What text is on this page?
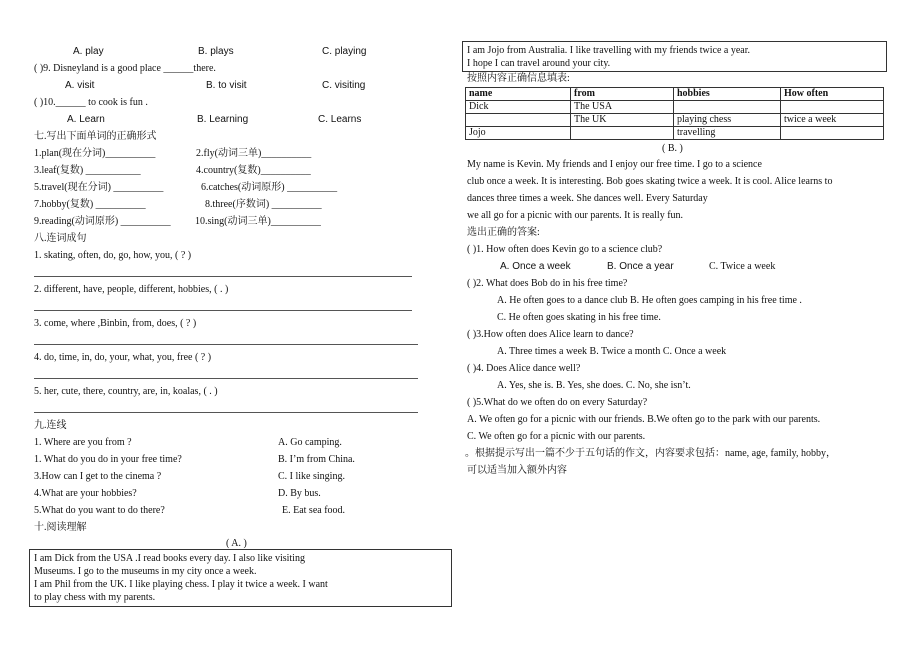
A. play	B. plays	C. playing
( )9. Disneyland is a good place ______there.
A. visit	B. to visit	C. visiting
( )10.______ to cook is fun .
A. Learn	B. Learning	C. Learns
七.写出下面单词的正确形式
1.plan(现在分词)__________	2.fly(动词三单)__________
3.leaf(复数) ___________	4.country(复数)__________
5.travel(现在分词) __________	6.catches(动词原形) __________
7.hobby(复数) __________	8.three(序数词) __________
9.reading(动词原形) __________ 10.sing(动词三单)__________
八.连词成句
1. skating, often, do, go, how, you, ( ? )
2. different, have, people, different, hobbies, ( . )
3. come, where ,Binbin, from, does, ( ? )
4. do, time, in, do, your, what, you, free ( ? )
5. her, cute, there, country, are, in, koalas, ( . )
九.连线
1. Where are you from ?	A. Go camping.
1. What do you do in your free time?	B. I’m from China.
3.How can I get to the cinema ?	C. I like singing.
4.What are your hobbies?	D. By bus.
5.What do you want to do there?	E. Eat sea food.
十.阅读理解
( A. )
I am Dick from the USA .I read books every day. I also like visiting
Museums. I go to the museums in my city once a week.
I am Phil from the UK. I like playing chess. I play it twice a week. I want
to play chess with my parents.
I am Jojo from Australia. I like travelling with my friends twice a year.
I hope I can travel around your city.
按照内容正确信息填表:
name	from	hobbies	How often
Dick	The USA		
	The UK	playing chess	twice a week
Jojo		travelling	
( B. )
My name is Kevin. My friends and I enjoy our free time. I go to a science
club once a week. It is interesting. Bob goes skating twice a week. It is cool. Alice learns to
dances three times a week. She dances well. Every Saturday
we all go for a picnic with our parents. It is really fun.
选出正确的答案:
( )1. How often does Kevin go to a science club?
A. Once a week	B. Once a year	C. Twice a week
( )2. What does Bob do in his free time?
A. He often goes to a dance club B. He often goes camping in his free time .
C. He often goes skating in his free time.
( )3.How often does Alice learn to dance?
A. Three times a week B. Twice a month C. Once a week
( )4. Does Alice dance well?
A. Yes, she is. B. Yes, she does. C. No, she isn’t.
( )5.What do we often do on every Saturday?
A. We often go for a picnic with our friends. B.We often go to the park with our parents.
C. We often go for a picnic with our parents.
。根据提示写出一篇不少于五句话的作文，内容要求包括：name, age, family, hobby，
可以适当加入额外内容
